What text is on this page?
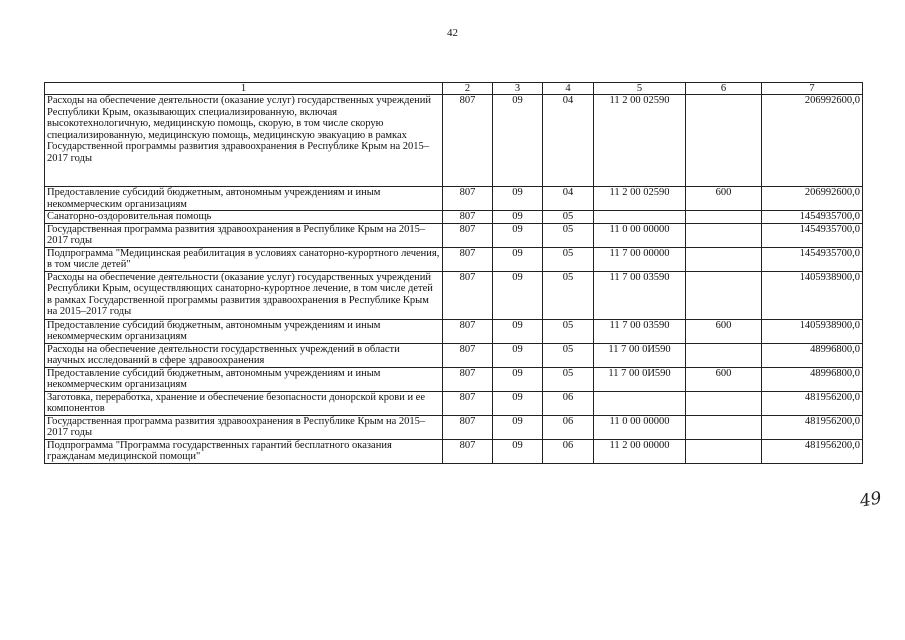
42
1	2	3	4	5	6	7
Расходы на обеспечение деятельности (оказание услуг) государственных учреждений Республики Крым, оказывающих специализированную, включая высокотехнологичную, медицинскую помощь, скорую, в том числе скорую специализированную, медицинскую помощь, медицинскую эвакуацию в рамках Государственной программы развития здравоохранения в Республике Крым на 2015–2017 годы	807	09	04	11 2 00 02590		206992600,0
Предоставление субсидий бюджетным, автономным учреждениям и иным некоммерческим организациям	807	09	04	11 2 00 02590	600	206992600,0
Санаторно-оздоровительная помощь	807	09	05			1454935700,0
Государственная программа развития здравоохранения в Республике Крым на 2015–2017 годы	807	09	05	11 0 00 00000		1454935700,0
Подпрограмма "Медицинская реабилитация в условиях санаторно-курортного лечения, в том числе детей"	807	09	05	11 7 00 00000		1454935700,0
Расходы на обеспечение деятельности (оказание услуг) государственных учреждений Республики Крым, осуществляющих санаторно-курортное лечение, в том числе детей в рамках Государственной программы развития здравоохранения в Республике Крым на 2015–2017 годы	807	09	05	11 7 00 03590		1405938900,0
Предоставление субсидий бюджетным, автономным учреждениям и иным некоммерческим организациям	807	09	05	11 7 00 03590	600	1405938900,0
Расходы на обеспечение деятельности государственных учреждений в области научных исследований в сфере здравоохранения	807	09	05	11 7 00 0И590		48996800,0
Предоставление субсидий бюджетным, автономным учреждениям и иным некоммерческим организациям	807	09	05	11 7 00 0И590	600	48996800,0
Заготовка, переработка, хранение и обеспечение безопасности донорской крови и ее компонентов	807	09	06			481956200,0
Государственная программа развития здравоохранения в Республике Крым на 2015–2017 годы	807	09	06	11 0 00 00000		481956200,0
Подпрограмма "Программа государственных гарантий бесплатного оказания гражданам медицинской помощи"	807	09	06	11 2 00 00000		481956200,0
49
